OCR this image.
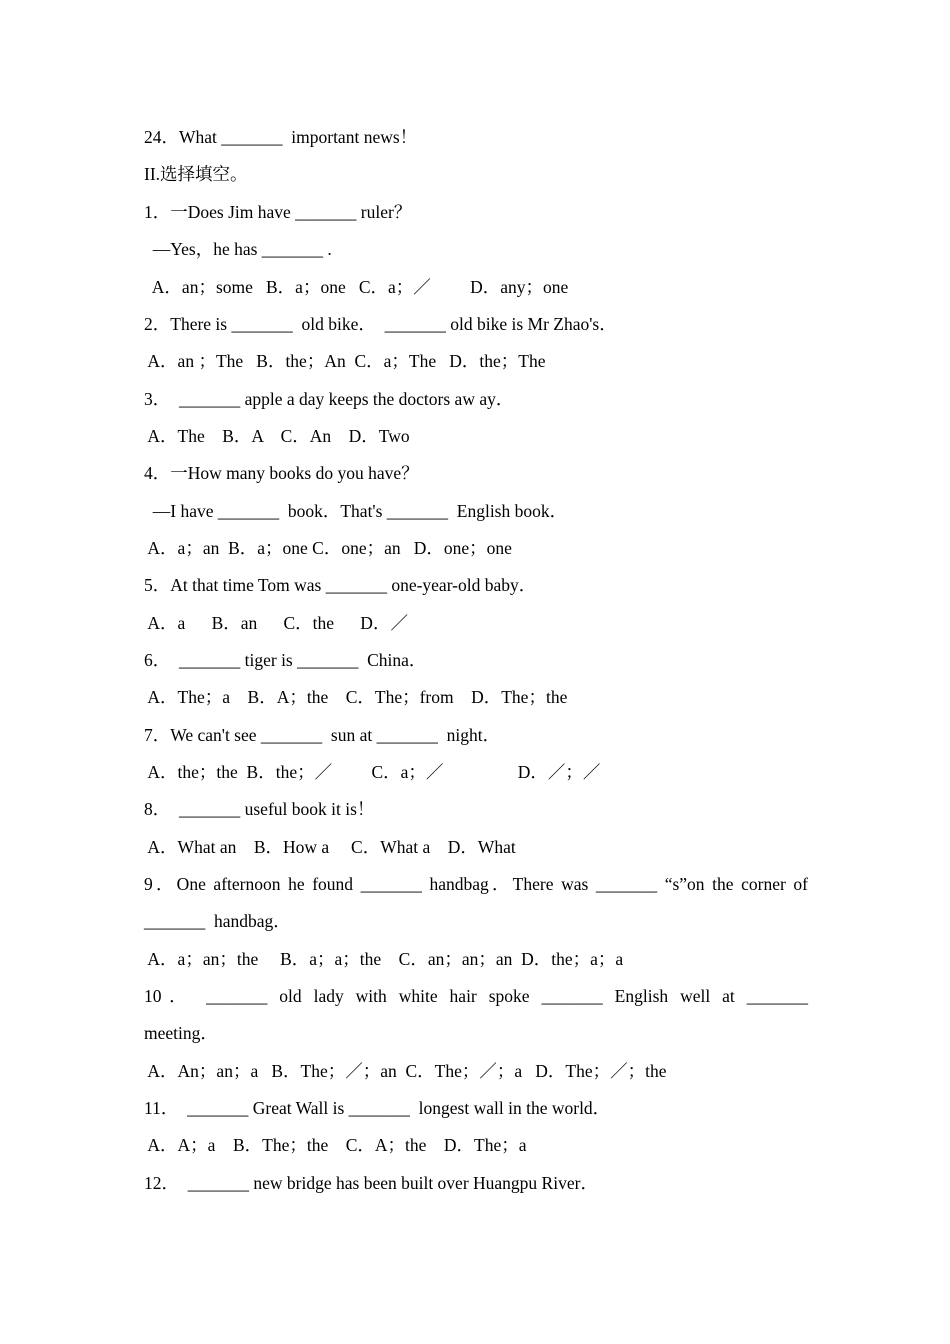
24．What _______  important news！
II.选择填空。
1．一Does Jim have _______ ruler？
—Yes，he has _______ .
A．an；some   B．a；one   C．a；／         D．any；one
2．There is _______  old bike．  _______ old bike is Mr Zhao's．
A．an ；The   B．the；An  C．a；The   D．the；The
3．  _______ apple a day keeps the doctors aw ay．
A．The    B．A    C．An    D．Two
4．一How many books do you have？
—I have _______  book．That's _______  English book．
A．a；an  B．a；one C．one；an   D．one；one
5．At that time Tom was _______ one-year-old baby．
A．a      B．an      C．the      D．／
6．  _______ tiger is _______  China．
A．The；a    B．A；the    C．The；from    D．The；the
7．We can't see _______  sun at _______  night．
A．the；the  B．the；／         C．a；／                 D．／；／
8．  _______ useful book it is！
A．What an    B．How a     C．What a    D．What
9．One afternoon he found _______ handbag．There was _______ “s”on the corner of
_______  handbag．
A．a；an；the     B．a；a；the    C．an；an；an  D．the；a；a
10． _______ old lady with white hair spoke _______ English well at _______
meeting．
A．An；an；a   B．The；／；an  C．The；／；a   D．The；／；the
11．  _______ Great Wall is _______  longest wall in the world．
A．A；a    B．The；the    C．A；the    D．The；a
12．  _______ new bridge has been built over Huangpu River．
